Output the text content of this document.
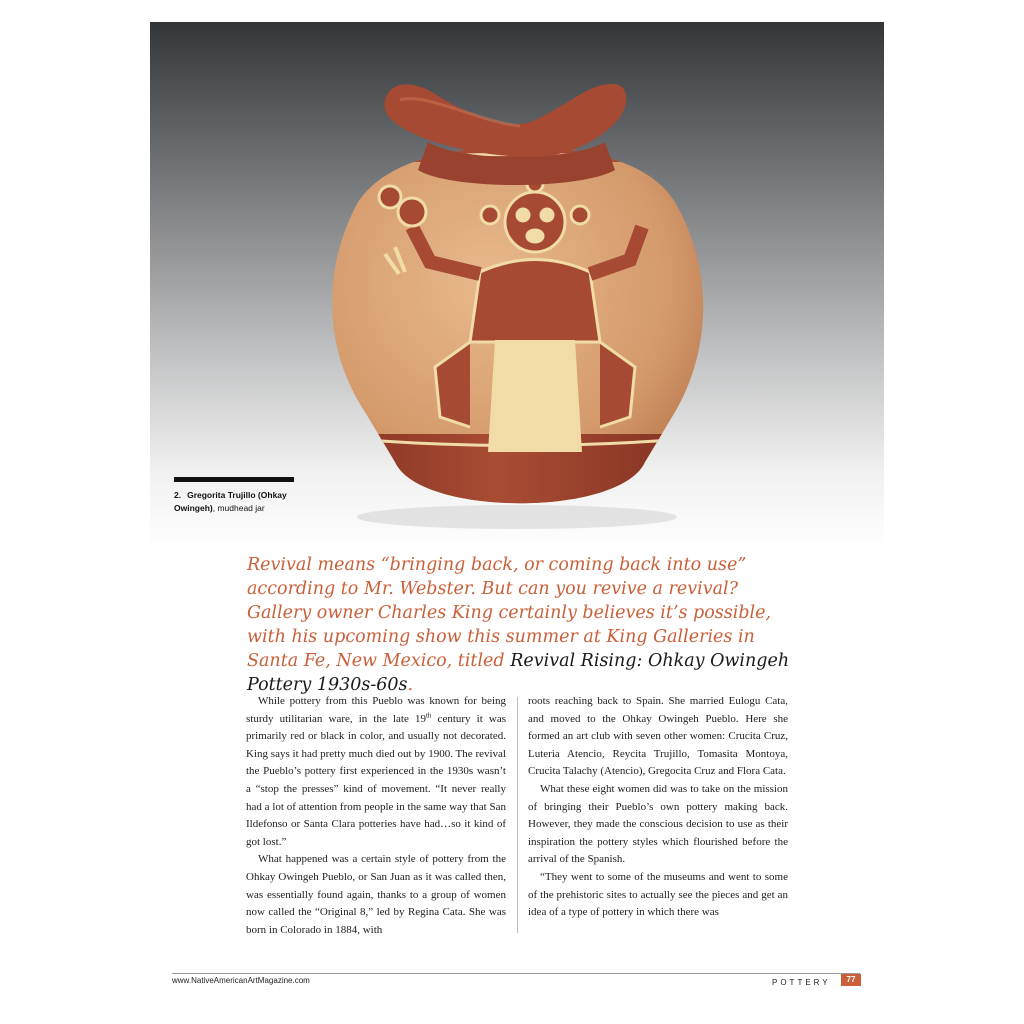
2. Gregorita Trujillo (Ohkay Owingeh), mudhead jar
Revival means “bringing back, or coming back into use” according to Mr. Webster. But can you revive a revival? Gallery owner Charles King certainly believes it’s possible, with his upcoming show this summer at King Galleries in Santa Fe, New Mexico, titled Revival Rising: Ohkay Owingeh Pottery 1930s-60s.

While pottery from this Pueblo was known for being sturdy utilitarian ware, in the late 19th century it was primarily red or black in color, and usually not decorated. King says it had pretty much died out by 1900. The revival the Pueblo’s pottery first experienced in the 1930s wasn’t a “stop the presses” kind of movement. “It never really had a lot of attention from people in the same way that San Ildefonso or Santa Clara potteries have had…so it kind of got lost.”

What happened was a certain style of pottery from the Ohkay Owingeh Pueblo, or San Juan as it was called then, was essentially found again, thanks to a group of women now called the “Original 8,” led by Regina Cata. She was born in Colorado in 1884, with

roots reaching back to Spain. She married Eulogu Cata, and moved to the Ohkay Owingeh Pueblo. Here she formed an art club with seven other women: Crucita Cruz, Luteria Atencio, Reycita Trujillo, Tomasita Montoya, Crucita Talachy (Atencio), Gregocita Cruz and Flora Cata.

What these eight women did was to take on the mission of bringing their Pueblo’s own pottery making back. However, they made the conscious decision to use as their inspiration the pottery styles which flourished before the arrival of the Spanish.

“They went to some of the museums and went to some of the prehistoric sites to actually see the pieces and get an idea of a type of pottery in which there was

www.NativeAmericanArtMagazine.com	POTTERY	77
